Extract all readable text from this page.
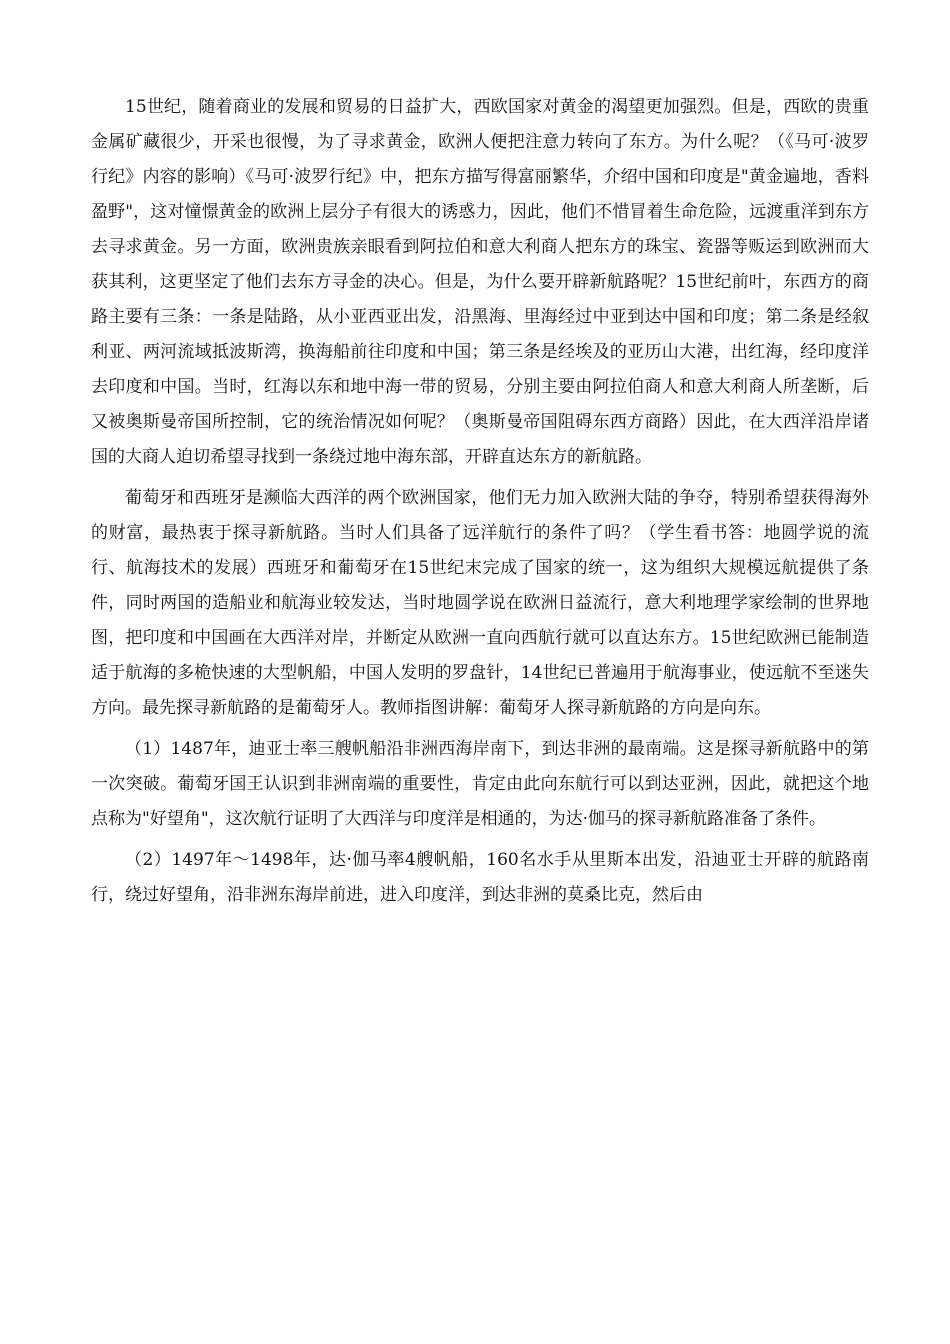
15世纪，随着商业的发展和贸易的日益扩大，西欧国家对黄金的渴望更加强烈。但是，西欧的贵重金属矿藏很少，开采也很慢，为了寻求黄金，欧洲人便把注意力转向了东方。为什么呢？（《马可·波罗行纪》内容的影响）《马可·波罗行纪》中，把东方描写得富丽繁华，介绍中国和印度是"黄金遍地，香料盈野"，这对憧憬黄金的欧洲上层分子有很大的诱惑力，因此，他们不惜冒着生命危险，远渡重洋到东方去寻求黄金。另一方面，欧洲贵族亲眼看到阿拉伯和意大利商人把东方的珠宝、瓷器等贩运到欧洲而大获其利，这更坚定了他们去东方寻金的决心。但是，为什么要开辟新航路呢？15世纪前叶，东西方的商路主要有三条：一条是陆路，从小亚西亚出发，沿黑海、里海经过中亚到达中国和印度；第二条是经叙利亚、两河流域抵波斯湾，换海船前往印度和中国；第三条是经埃及的亚历山大港，出红海，经印度洋去印度和中国。当时，红海以东和地中海一带的贸易，分别主要由阿拉伯商人和意大利商人所垄断，后又被奥斯曼帝国所控制，它的统治情况如何呢？（奥斯曼帝国阻碍东西方商路）因此，在大西洋沿岸诸国的大商人迫切希望寻找到一条绕过地中海东部，开辟直达东方的新航路。

葡萄牙和西班牙是濒临大西洋的两个欧洲国家，他们无力加入欧洲大陆的争夺，特别希望获得海外的财富，最热衷于探寻新航路。当时人们具备了远洋航行的条件了吗？（学生看书答：地圆学说的流行、航海技术的发展）西班牙和葡萄牙在15世纪末完成了国家的统一，这为组织大规模远航提供了条件，同时两国的造船业和航海业较发达，当时地圆学说在欧洲日益流行，意大利地理学家绘制的世界地图，把印度和中国画在大西洋对岸，并断定从欧洲一直向西航行就可以直达东方。15世纪欧洲已能制造适于航海的多桅快速的大型帆船，中国人发明的罗盘针，14世纪已普遍用于航海事业，使远航不至迷失方向。最先探寻新航路的是葡萄牙人。教师指图讲解：葡萄牙人探寻新航路的方向是向东。

（1）1487年，迪亚士率三艘帆船沿非洲西海岸南下，到达非洲的最南端。这是探寻新航路中的第一次突破。葡萄牙国王认识到非洲南端的重要性，肯定由此向东航行可以到达亚洲，因此，就把这个地点称为"好望角"，这次航行证明了大西洋与印度洋是相通的，为达·伽马的探寻新航路准备了条件。

（2）1497年～1498年，达·伽马率4艘帆船，160名水手从里斯本出发，沿迪亚士开辟的航路南行，绕过好望角，沿非洲东海岸前进，进入印度洋，到达非洲的莫桑比克，然后由
